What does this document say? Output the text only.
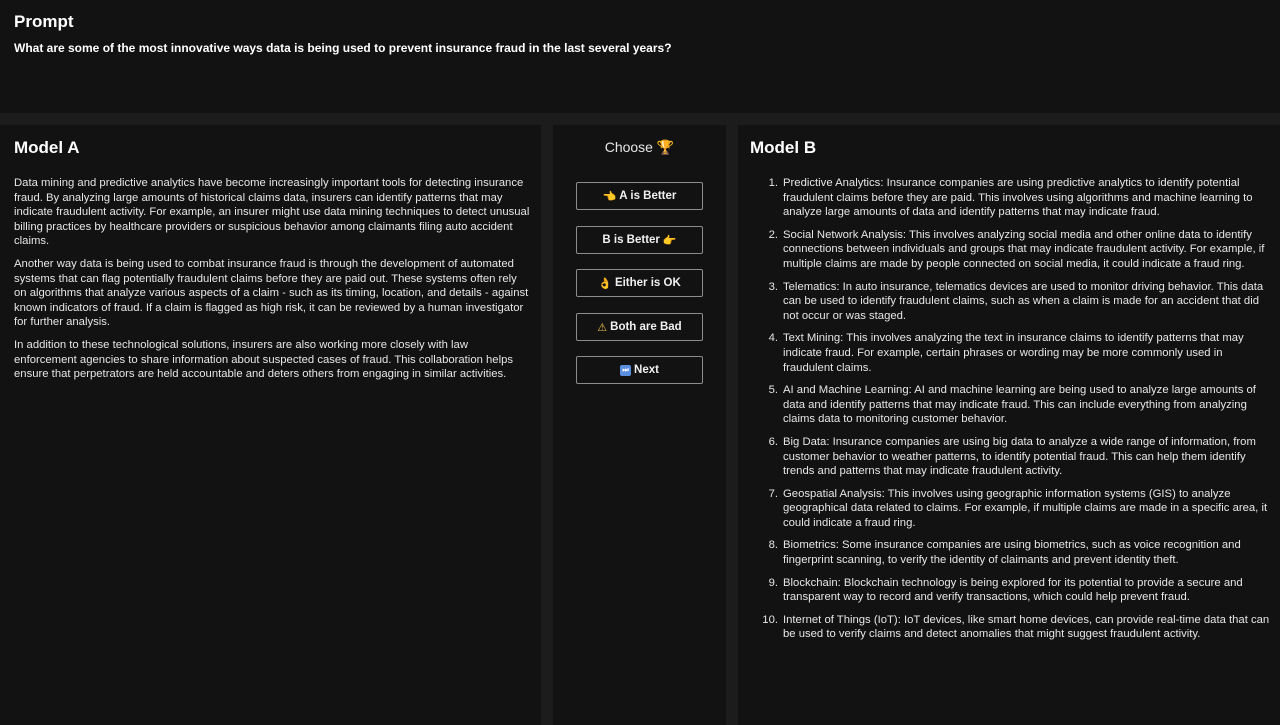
Prompt
What are some of the most innovative ways data is being used to prevent insurance fraud in the last several years?
Model A

Data mining and predictive analytics have become increasingly important tools for detecting insurance fraud. By analyzing large amounts of historical claims data, insurers can identify patterns that may indicate fraudulent activity. For example, an insurer might use data mining techniques to detect unusual billing practices by healthcare providers or suspicious behavior among claimants filing auto accident claims.

Another way data is being used to combat insurance fraud is through the development of automated systems that can flag potentially fraudulent claims before they are paid out. These systems often rely on algorithms that analyze various aspects of a claim - such as its timing, location, and details - against known indicators of fraud. If a claim is flagged as high risk, it can be reviewed by a human investigator for further analysis.

In addition to these technological solutions, insurers are also working more closely with law enforcement agencies to share information about suspected cases of fraud. This collaboration helps ensure that perpetrators are held accountable and deters others from engaging in similar activities.

Choose 🏆
👈 A is Better
B is Better 👉
👌 Either is OK
⚠ Both are Bad
⏭ Next
Model B
1. Predictive Analytics: Insurance companies are using predictive analytics to identify potential fraudulent claims before they are paid. This involves using algorithms and machine learning to analyze large amounts of data and identify patterns that may indicate fraud.
2. Social Network Analysis: This involves analyzing social media and other online data to identify connections between individuals and groups that may indicate fraudulent activity. For example, if multiple claims are made by people connected on social media, it could indicate a fraud ring.
3. Telematics: In auto insurance, telematics devices are used to monitor driving behavior. This data can be used to identify fraudulent claims, such as when a claim is made for an accident that did not occur or was staged.
4. Text Mining: This involves analyzing the text in insurance claims to identify patterns that may indicate fraud. For example, certain phrases or wording may be more commonly used in fraudulent claims.
5. AI and Machine Learning: AI and machine learning are being used to analyze large amounts of data and identify patterns that may indicate fraud. This can include everything from analyzing claims data to monitoring customer behavior.
6. Big Data: Insurance companies are using big data to analyze a wide range of information, from customer behavior to weather patterns, to identify potential fraud. This can help them identify trends and patterns that may indicate fraudulent activity.
7. Geospatial Analysis: This involves using geographic information systems (GIS) to analyze geographical data related to claims. For example, if multiple claims are made in a specific area, it could indicate a fraud ring.
8. Biometrics: Some insurance companies are using biometrics, such as voice recognition and fingerprint scanning, to verify the identity of claimants and prevent identity theft.
9. Blockchain: Blockchain technology is being explored for its potential to provide a secure and transparent way to record and verify transactions, which could help prevent fraud.
10. Internet of Things (IoT): IoT devices, like smart home devices, can provide real-time data that can be used to verify claims and detect anomalies that might suggest fraudulent activity.
